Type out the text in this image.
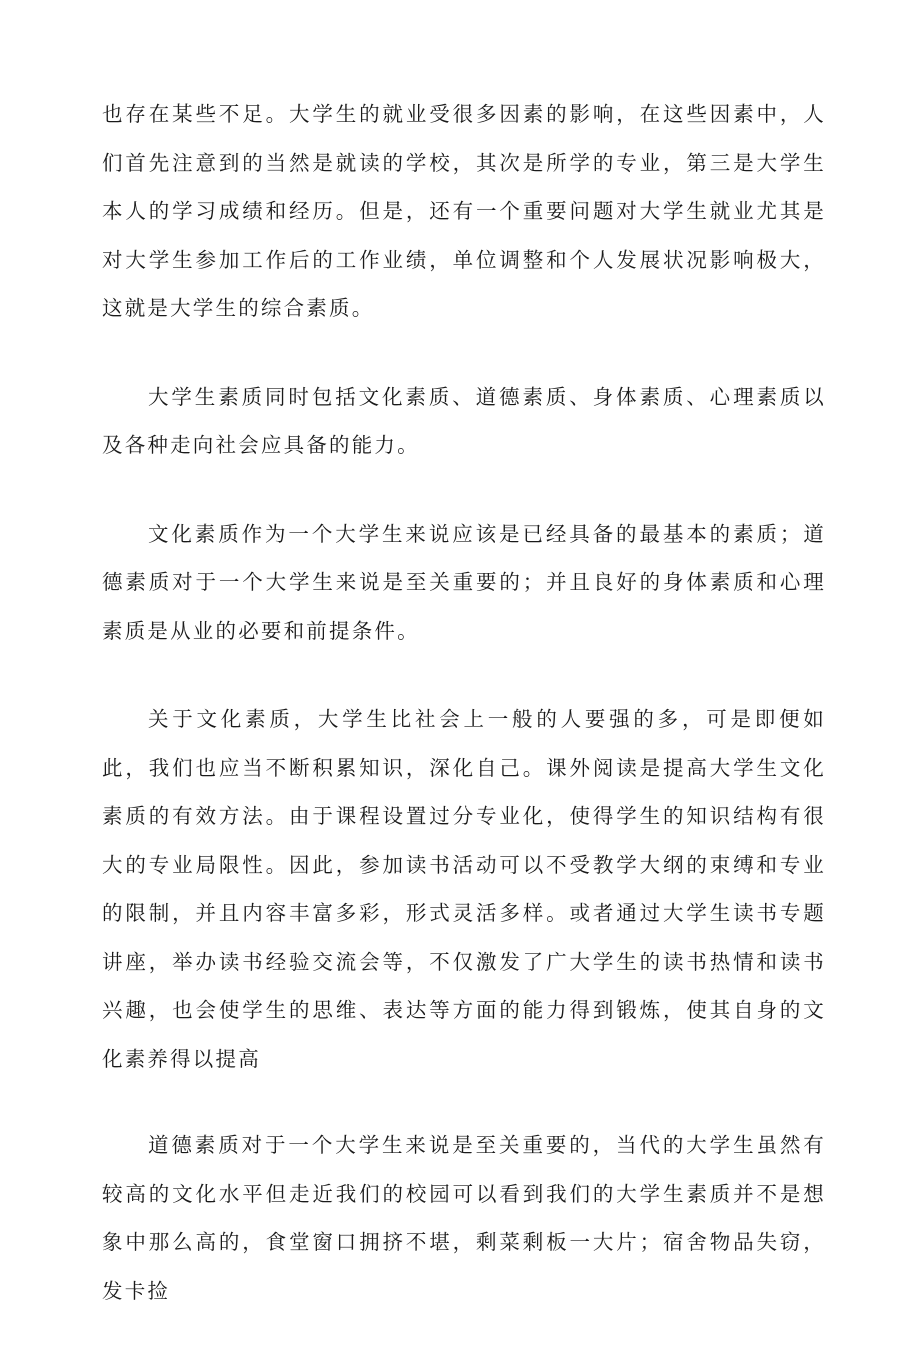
也存在某些不足。大学生的就业受很多因素的影响，在这些因素中，人们首先注意到的当然是就读的学校，其次是所学的专业，第三是大学生本人的学习成绩和经历。但是，还有一个重要问题对大学生就业尤其是对大学生参加工作后的工作业绩，单位调整和个人发展状况影响极大，这就是大学生的综合素质。

大学生素质同时包括文化素质、道德素质、身体素质、心理素质以及各种走向社会应具备的能力。

文化素质作为一个大学生来说应该是已经具备的最基本的素质；道德素质对于一个大学生来说是至关重要的；并且良好的身体素质和心理素质是从业的必要和前提条件。

关于文化素质，大学生比社会上一般的人要强的多，可是即便如此，我们也应当不断积累知识，深化自己。课外阅读是提高大学生文化素质的有效方法。由于课程设置过分专业化，使得学生的知识结构有很大的专业局限性。因此，参加读书活动可以不受教学大纲的束缚和专业的限制，并且内容丰富多彩，形式灵活多样。或者通过大学生读书专题讲座，举办读书经验交流会等，不仅激发了广大学生的读书热情和读书兴趣，也会使学生的思维、表达等方面的能力得到锻炼，使其自身的文化素养得以提高

道德素质对于一个大学生来说是至关重要的，当代的大学生虽然有较高的文化水平但走近我们的校园可以看到我们的大学生素质并不是想象中那么高的，食堂窗口拥挤不堪，剩菜剩板一大片；宿舍物品失窃，发卡捡
